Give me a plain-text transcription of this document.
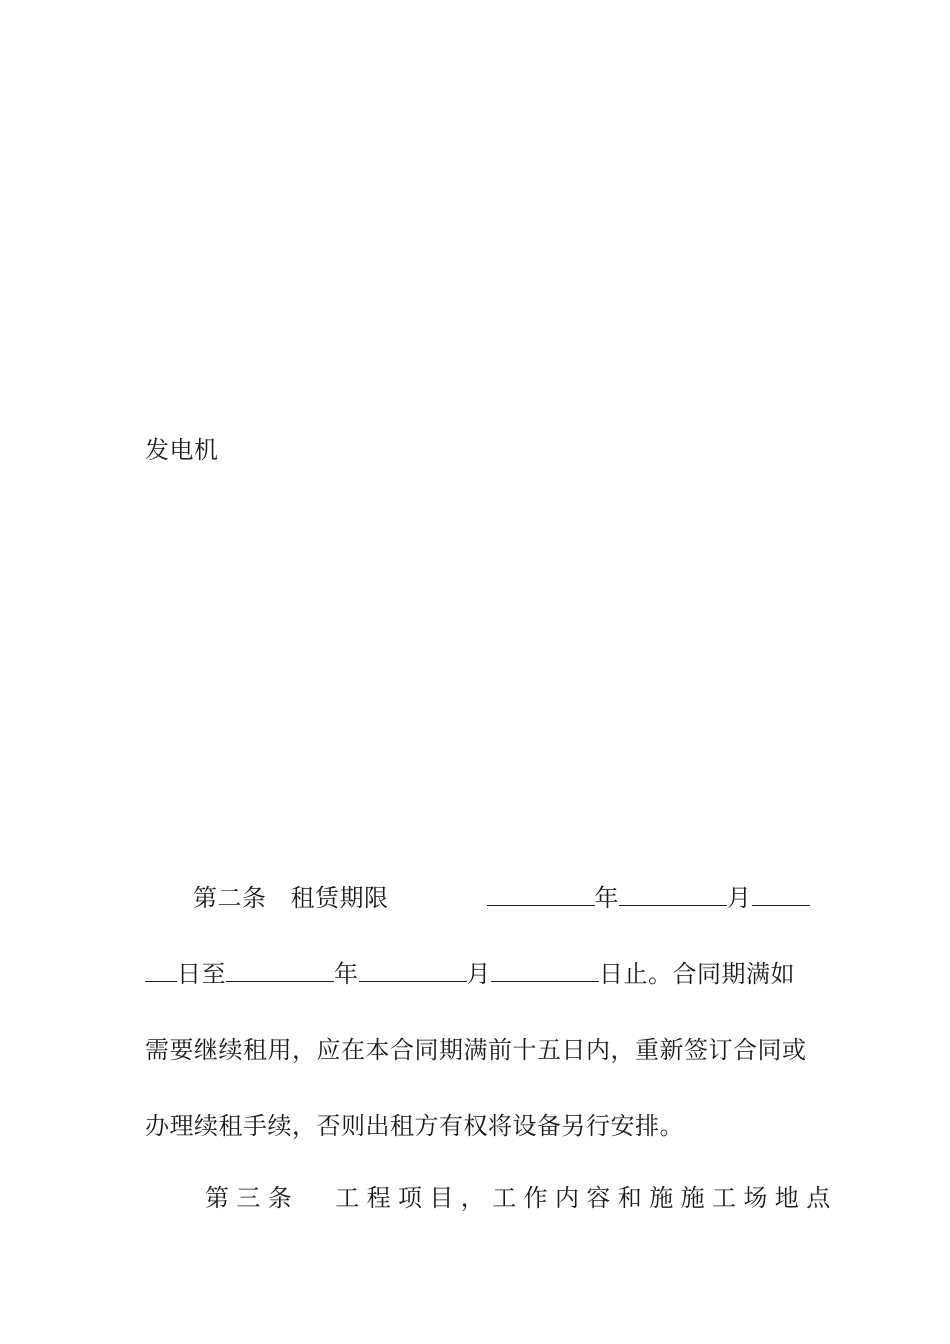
发电机
第二条 租赁期限	年	月
日至	年	月	日止。合同期满如
需要继续租用，应在本合同期满前十五日内，重新签订合同或
办理续租手续，否则出租方有权将设备另行安排。
第三条 工程项目，工作内容和施施工场地点
